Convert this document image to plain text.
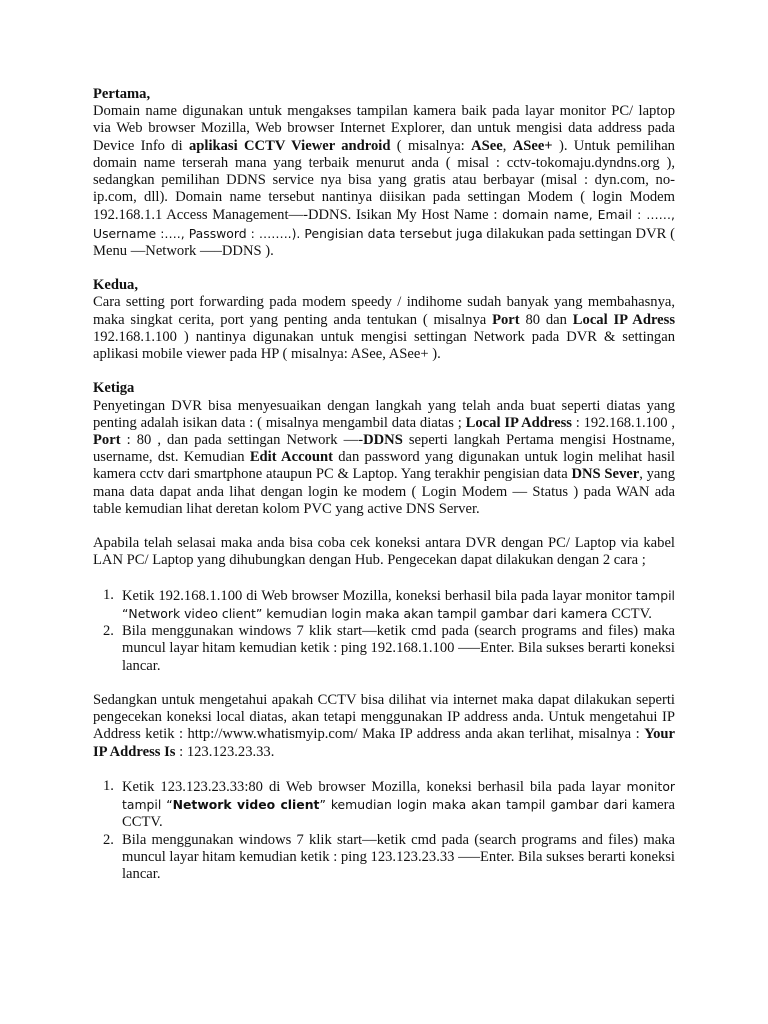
Pertama,

Domain name digunakan untuk mengakses tampilan kamera baik pada layar monitor PC/ laptop via Web browser Mozilla, Web browser Internet Explorer, dan untuk mengisi data address pada Device Info di aplikasi CCTV Viewer android ( misalnya: ASee, ASee+ ). Untuk pemilihan domain name terserah mana yang terbaik menurut anda ( misal : cctv-tokomaju.dyndns.org ), sedangkan pemilihan DDNS service nya bisa yang gratis atau berbayar (misal : dyn.com, no-ip.com, dll). Domain name tersebut nantinya diisikan pada settingan Modem ( login Modem 192.168.1.1 Access Management—-DDNS. Isikan My Host Name : domain name, Email : ……, Username :…., Password : ……..). Pengisian data tersebut juga dilakukan pada settingan DVR ( Menu —Network —–DDNS ).

Kedua,

Cara setting port forwarding pada modem speedy / indihome sudah banyak yang membahasnya, maka singkat cerita, port yang penting anda tentukan ( misalnya Port 80 dan Local IP Adress 192.168.1.100 ) nantinya digunakan untuk mengisi settingan Network pada DVR & settingan aplikasi mobile viewer pada HP ( misalnya: ASee, ASee+ ).

Ketiga

Penyetingan DVR bisa menyesuaikan dengan langkah yang telah anda buat seperti diatas yang penting adalah isikan data : ( misalnya mengambil data diatas ; Local IP Address : 192.168.1.100 , Port : 80 , dan pada settingan Network —-DDNS seperti langkah Pertama mengisi Hostname, username, dst. Kemudian Edit Account dan password yang digunakan untuk login melihat hasil kamera cctv dari smartphone ataupun PC & Laptop. Yang terakhir pengisian data DNS Sever, yang mana data dapat anda lihat dengan login ke modem ( Login Modem — Status ) pada WAN ada table kemudian lihat deretan kolom PVC yang active DNS Server.

Apabila telah selasai maka anda bisa coba cek koneksi antara DVR dengan PC/ Laptop via kabel LAN PC/ Laptop yang dihubungkan dengan Hub. Pengecekan dapat dilakukan dengan 2 cara ;

1. Ketik 192.168.1.100 di Web browser Mozilla, koneksi berhasil bila pada layar monitor tampil “Network video client” kemudian login maka akan tampil gambar dari kamera CCTV.
2. Bila menggunakan windows 7 klik start—ketik cmd pada (search programs and files) maka muncul layar hitam kemudian ketik : ping 192.168.1.100 —–Enter. Bila sukses berarti koneksi lancar.

Sedangkan untuk mengetahui apakah CCTV bisa dilihat via internet maka dapat dilakukan seperti pengecekan koneksi local diatas, akan tetapi menggunakan IP address anda. Untuk mengetahui IP Address ketik : http://www.whatismyip.com/ Maka IP address anda akan terlihat, misalnya : Your IP Address Is : 123.123.23.33.

1. Ketik 123.123.23.33:80 di Web browser Mozilla, koneksi berhasil bila pada layar monitor tampil “Network video client” kemudian login maka akan tampil gambar dari kamera CCTV.
2. Bila menggunakan windows 7 klik start—ketik cmd pada (search programs and files) maka muncul layar hitam kemudian ketik : ping 123.123.23.33 —–Enter. Bila sukses berarti koneksi lancar.
